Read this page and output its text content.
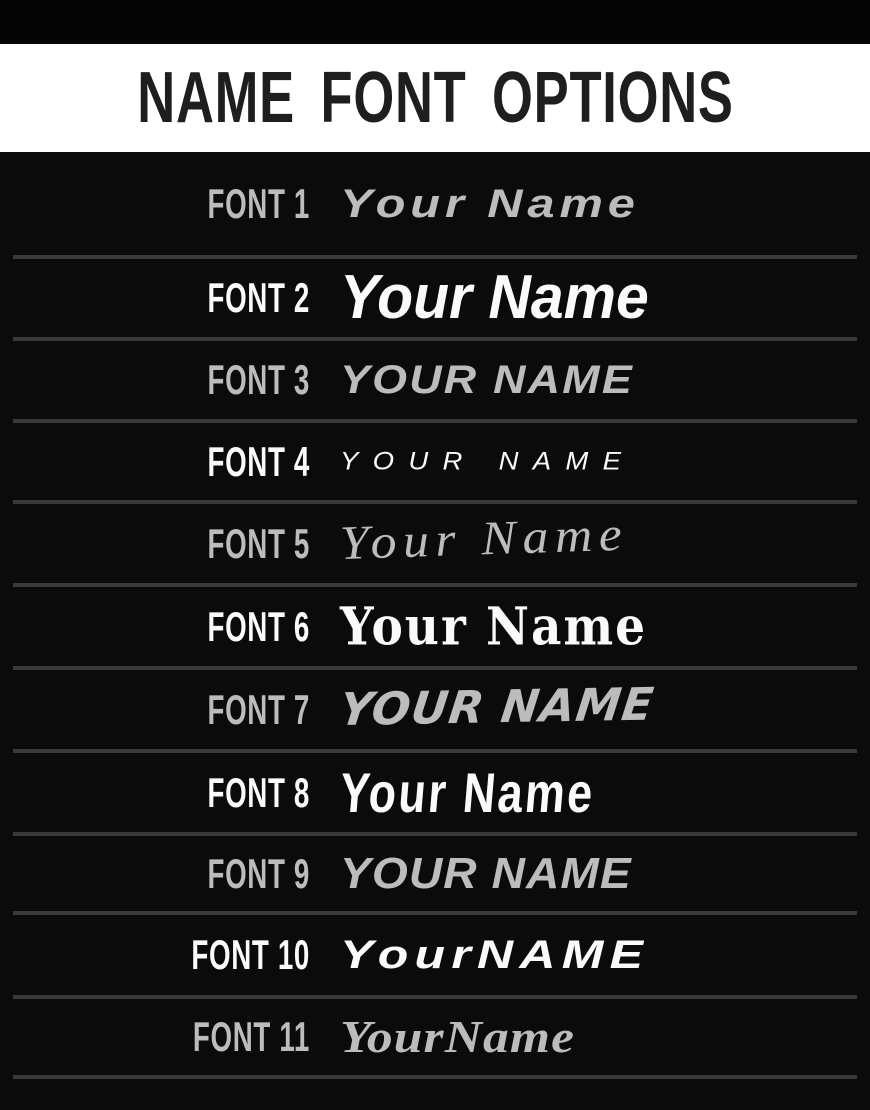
NAME FONT OPTIONS
FONT 1 Your Name
FONT 2 Your Name
FONT 3 YOUR NAME
FONT 4 YOUR NAME
FONT 5 Your Name
FONT 6 Your Name
FONT 7 YOUR NAME
FONT 8 Your Name
FONT 9 YOUR NAME
FONT 10 YourNAME
FONT 11 YourName
